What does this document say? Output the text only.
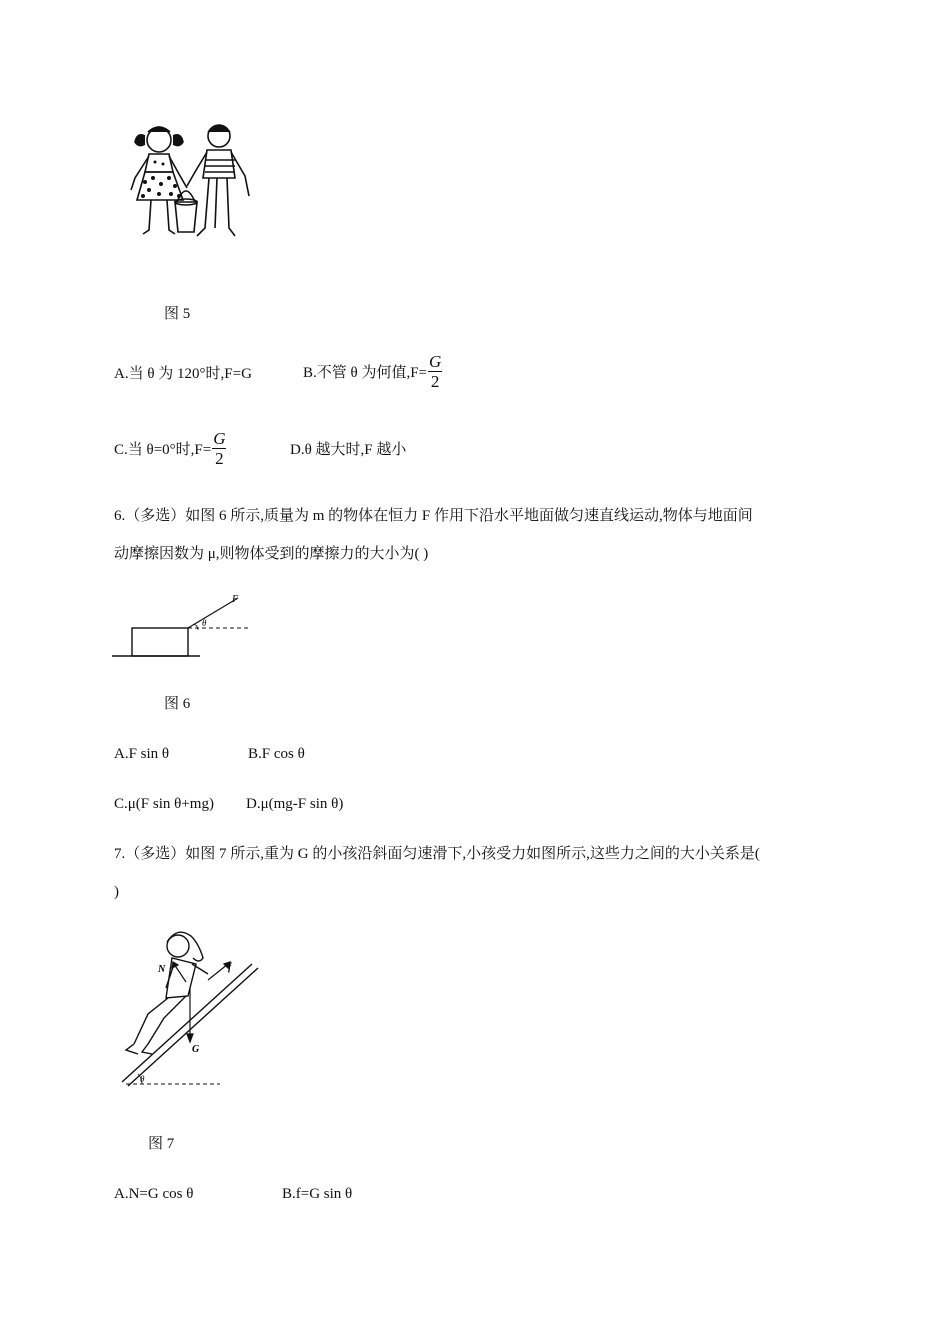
图 5
A.当 θ 为 120°时,F=G	B.不管 θ 为何值$,F= \frac{G}{2}$
C.当 θ=0°时$,F= \frac{G}{2}$	D.θ 越大时,F 越小
6.（多选）如图 6 所示,质量为 m 的物体在恒力 F 作用下沿水平地面做匀速直线运动,物体与地面间
动摩擦因数为 μ,则物体受到的摩擦力的大小为( )
F
θ
图 6
A.F sin θ	B.F cos θ
C.μ(F sin θ+mg) D.μ(mg-F sin θ)
7.（多选）如图 7 所示,重为 G 的小孩沿斜面匀速滑下,小孩受力如图所示,这些力之间的大小关系是(
)
N	f
G
θ
图 7
A.N=G cos θ	B.f=G sin θ
